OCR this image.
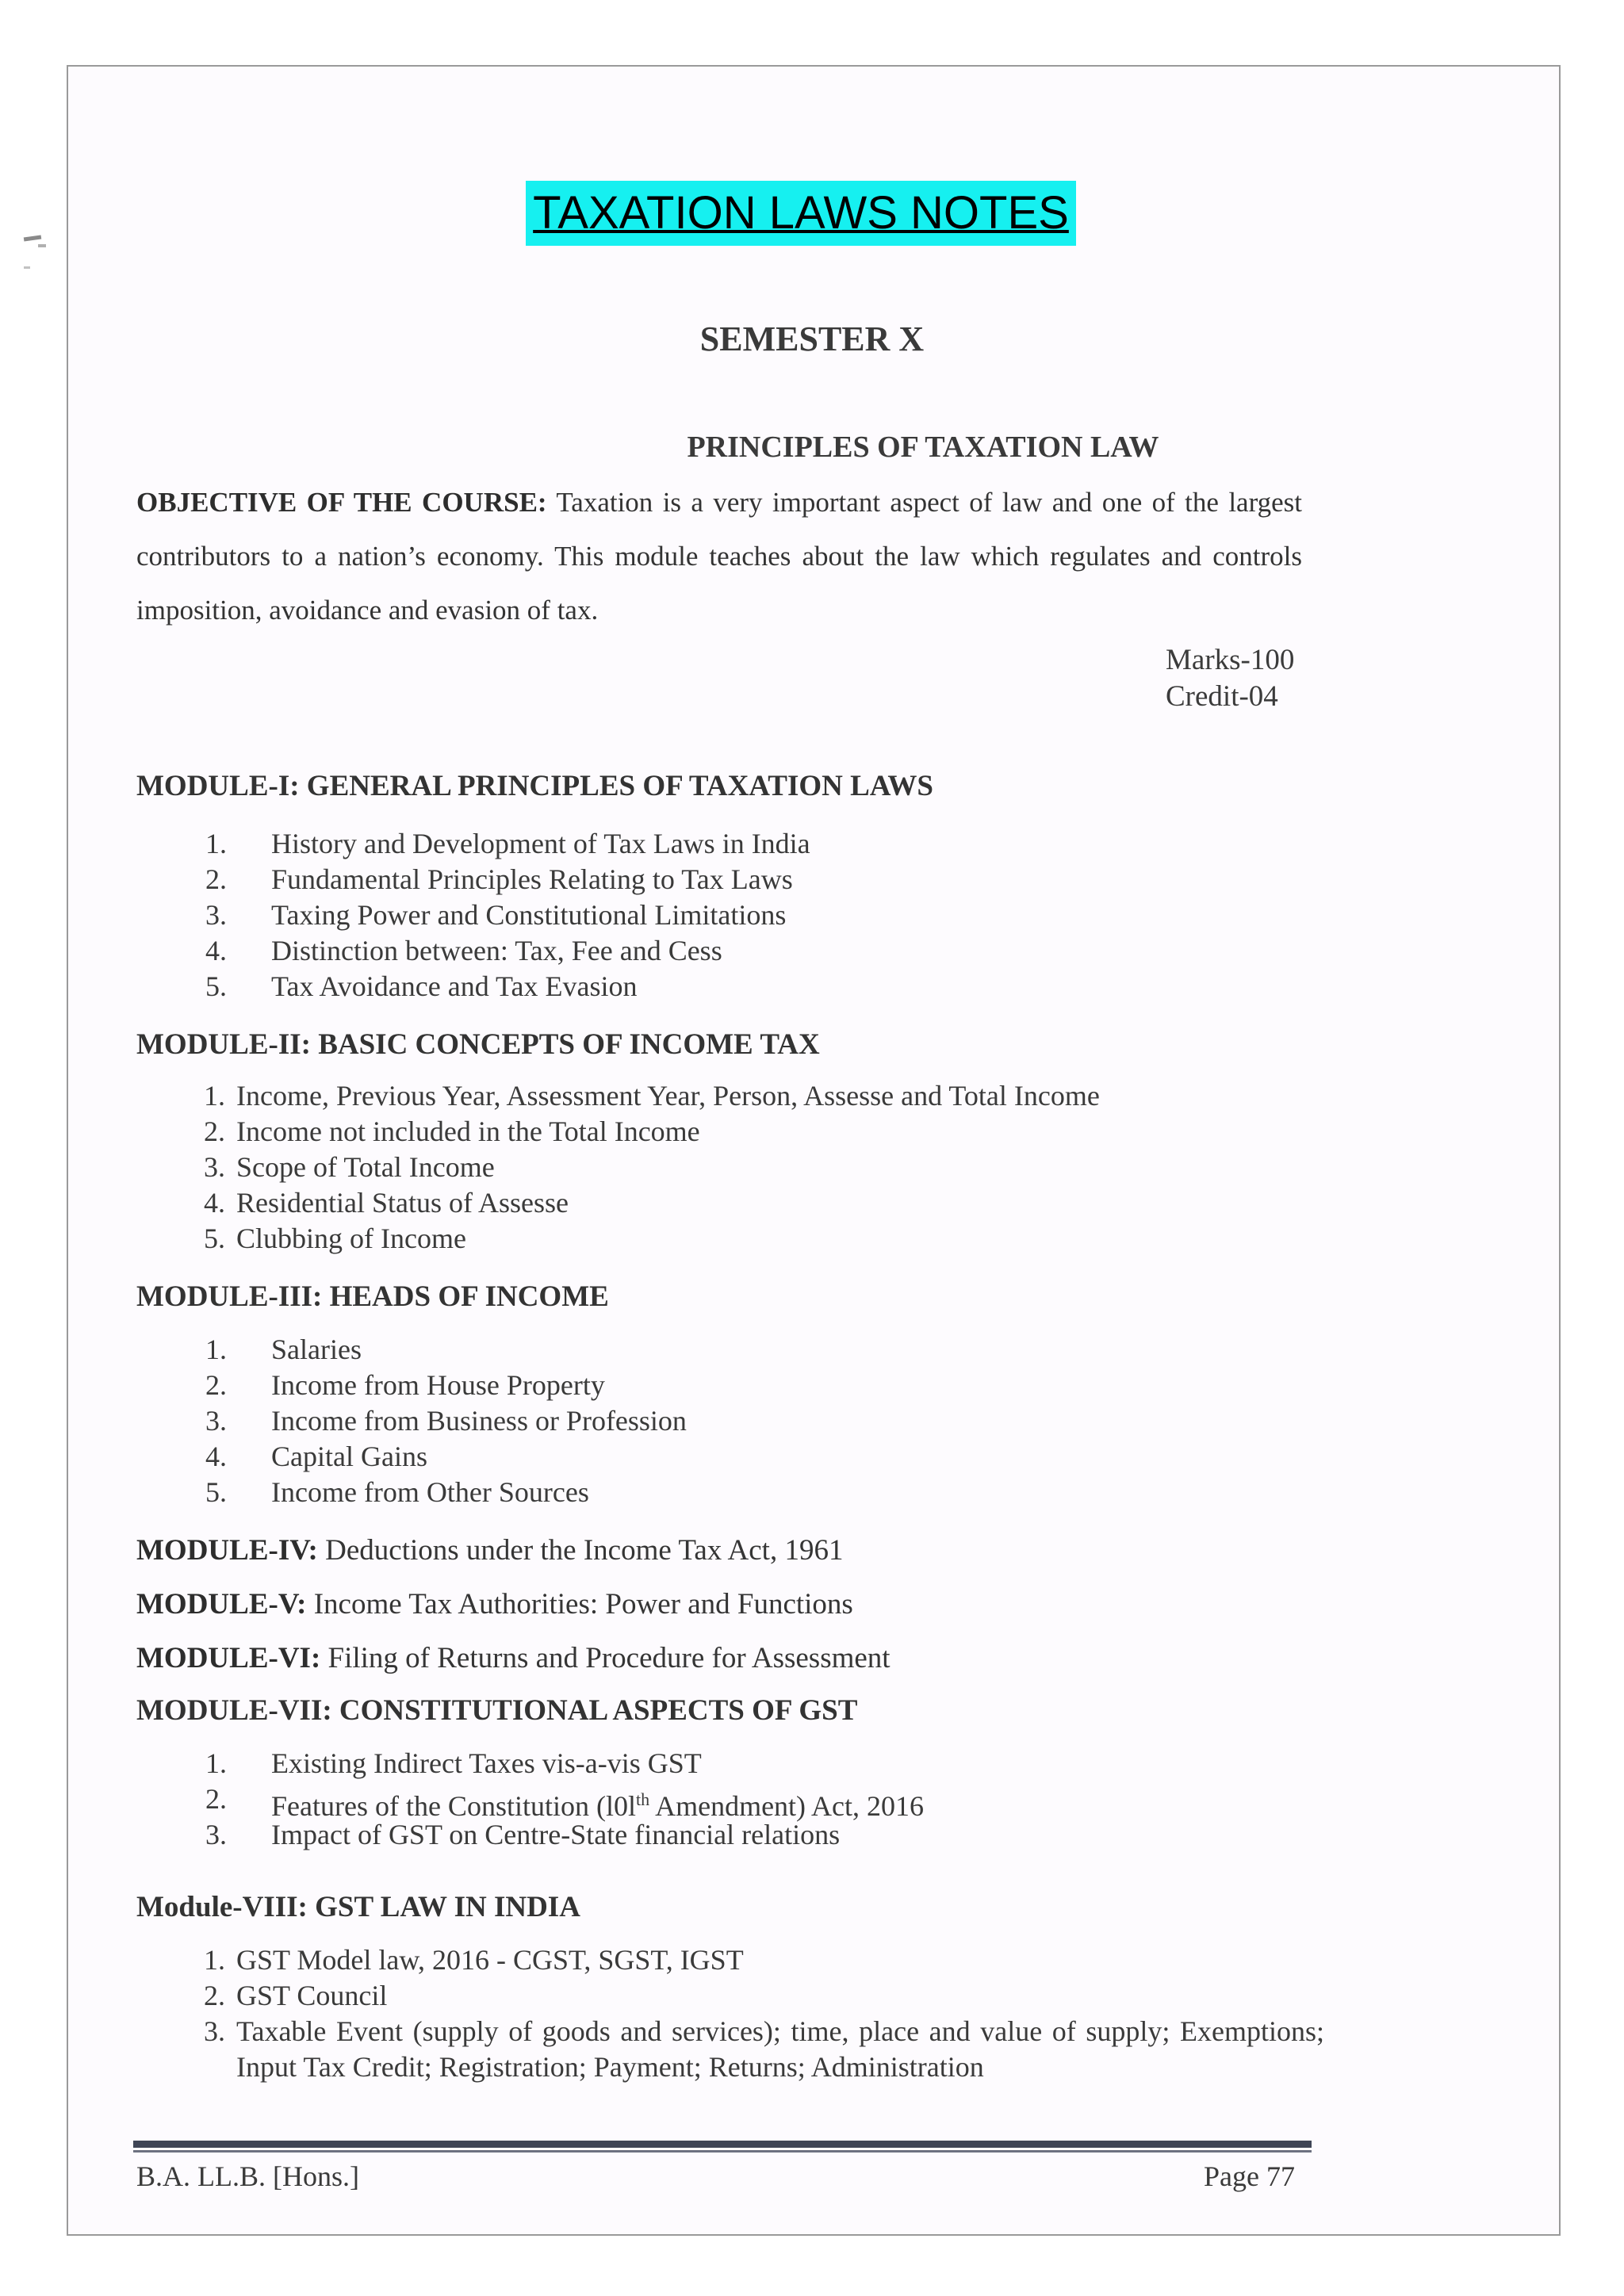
TAXATION LAWS NOTES
SEMESTER X
PRINCIPLES OF TAXATION LAW
OBJECTIVE OF THE COURSE: Taxation is a very important aspect of law and one of the largest contributors to a nation’s economy. This module teaches about the law which regulates and controls imposition, avoidance and evasion of tax.
Marks-100
Credit-04
MODULE-I: GENERAL PRINCIPLES OF TAXATION LAWS
1. History and Development of Tax Laws in India
2. Fundamental Principles Relating to Tax Laws
3. Taxing Power and Constitutional Limitations
4. Distinction between: Tax, Fee and Cess
5. Tax Avoidance and Tax Evasion
MODULE-II: BASIC CONCEPTS OF INCOME TAX
1. Income, Previous Year, Assessment Year, Person, Assesse and Total Income
2. Income not included in the Total Income
3. Scope of Total Income
4. Residential Status of Assesse
5. Clubbing of Income
MODULE-III: HEADS OF INCOME
1. Salaries
2. Income from House Property
3. Income from Business or Profession
4. Capital Gains
5. Income from Other Sources
MODULE-IV: Deductions under the Income Tax Act, 1961
MODULE-V: Income Tax Authorities: Power and Functions
MODULE-VI: Filing of Returns and Procedure for Assessment
MODULE-VII: CONSTITUTIONAL ASPECTS OF GST
1. Existing Indirect Taxes vis-a-vis GST
2. Features of the Constitution ($l0l^{th}$ Amendment) Act, 2016
3. Impact of GST on Centre-State financial relations
Module-VIII: GST LAW IN INDIA
1. GST Model law, 2016 - CGST, SGST, IGST
2. GST Council
3. Taxable Event (supply of goods and services); time, place and value of supply; Exemptions; Input Tax Credit; Registration; Payment; Returns; Administration
B.A. LL.B. [Hons.]	Page 77
